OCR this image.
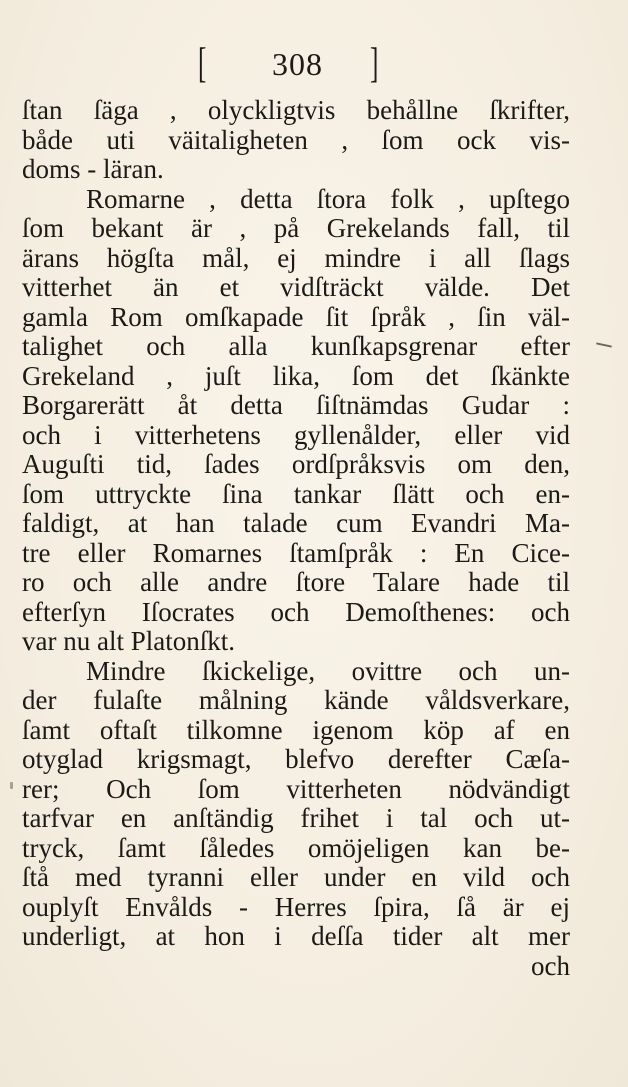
[ 308 ]
ſtan ſäga , olyckligtvis behållne ſkrifter,
både uti väitaligheten , ſom ock vis-
doms - läran.
Romarne , detta ſtora folk , upſtego
ſom bekant är , på Grekelands fall, til
ärans högſta mål, ej mindre i all ſlags
vitterhet än et vidſträckt välde. Det
gamla Rom omſkapade ſit ſpråk , ſin väl-
talighet och alla kunſkapsgrenar efter
Grekeland , juſt lika, ſom det ſkänkte
Borgarerätt åt detta ſiſtnämdas Gudar :
och i vitterhetens gyllenålder, eller vid
Auguſti tid, ſades ordſpråksvis om den,
ſom uttryckte ſina tankar ſlätt och en-
faldigt, at han talade cum Evandri Ma-
tre eller Romarnes ſtamſpråk : En Cice-
ro och alle andre ſtore Talare hade til
efterſyn Iſocrates och Demoſthenes: och
var nu alt Platonſkt.
Mindre ſkickelige, ovittre och un-
der fulaſte målning kände våldsverkare,
ſamt oftaſt tilkomne igenom köp af en
otyglad krigsmagt, blefvo derefter Cæſa-
rer; Och ſom vitterheten nödvändigt
tarfvar en anſtändig frihet i tal och ut-
tryck, ſamt ſåledes omöjeligen kan be-
ſtå med tyranni eller under en vild och
ouplyſt Envålds - Herres ſpira, ſå är ej
underligt, at hon i deſſa tider alt mer
och
